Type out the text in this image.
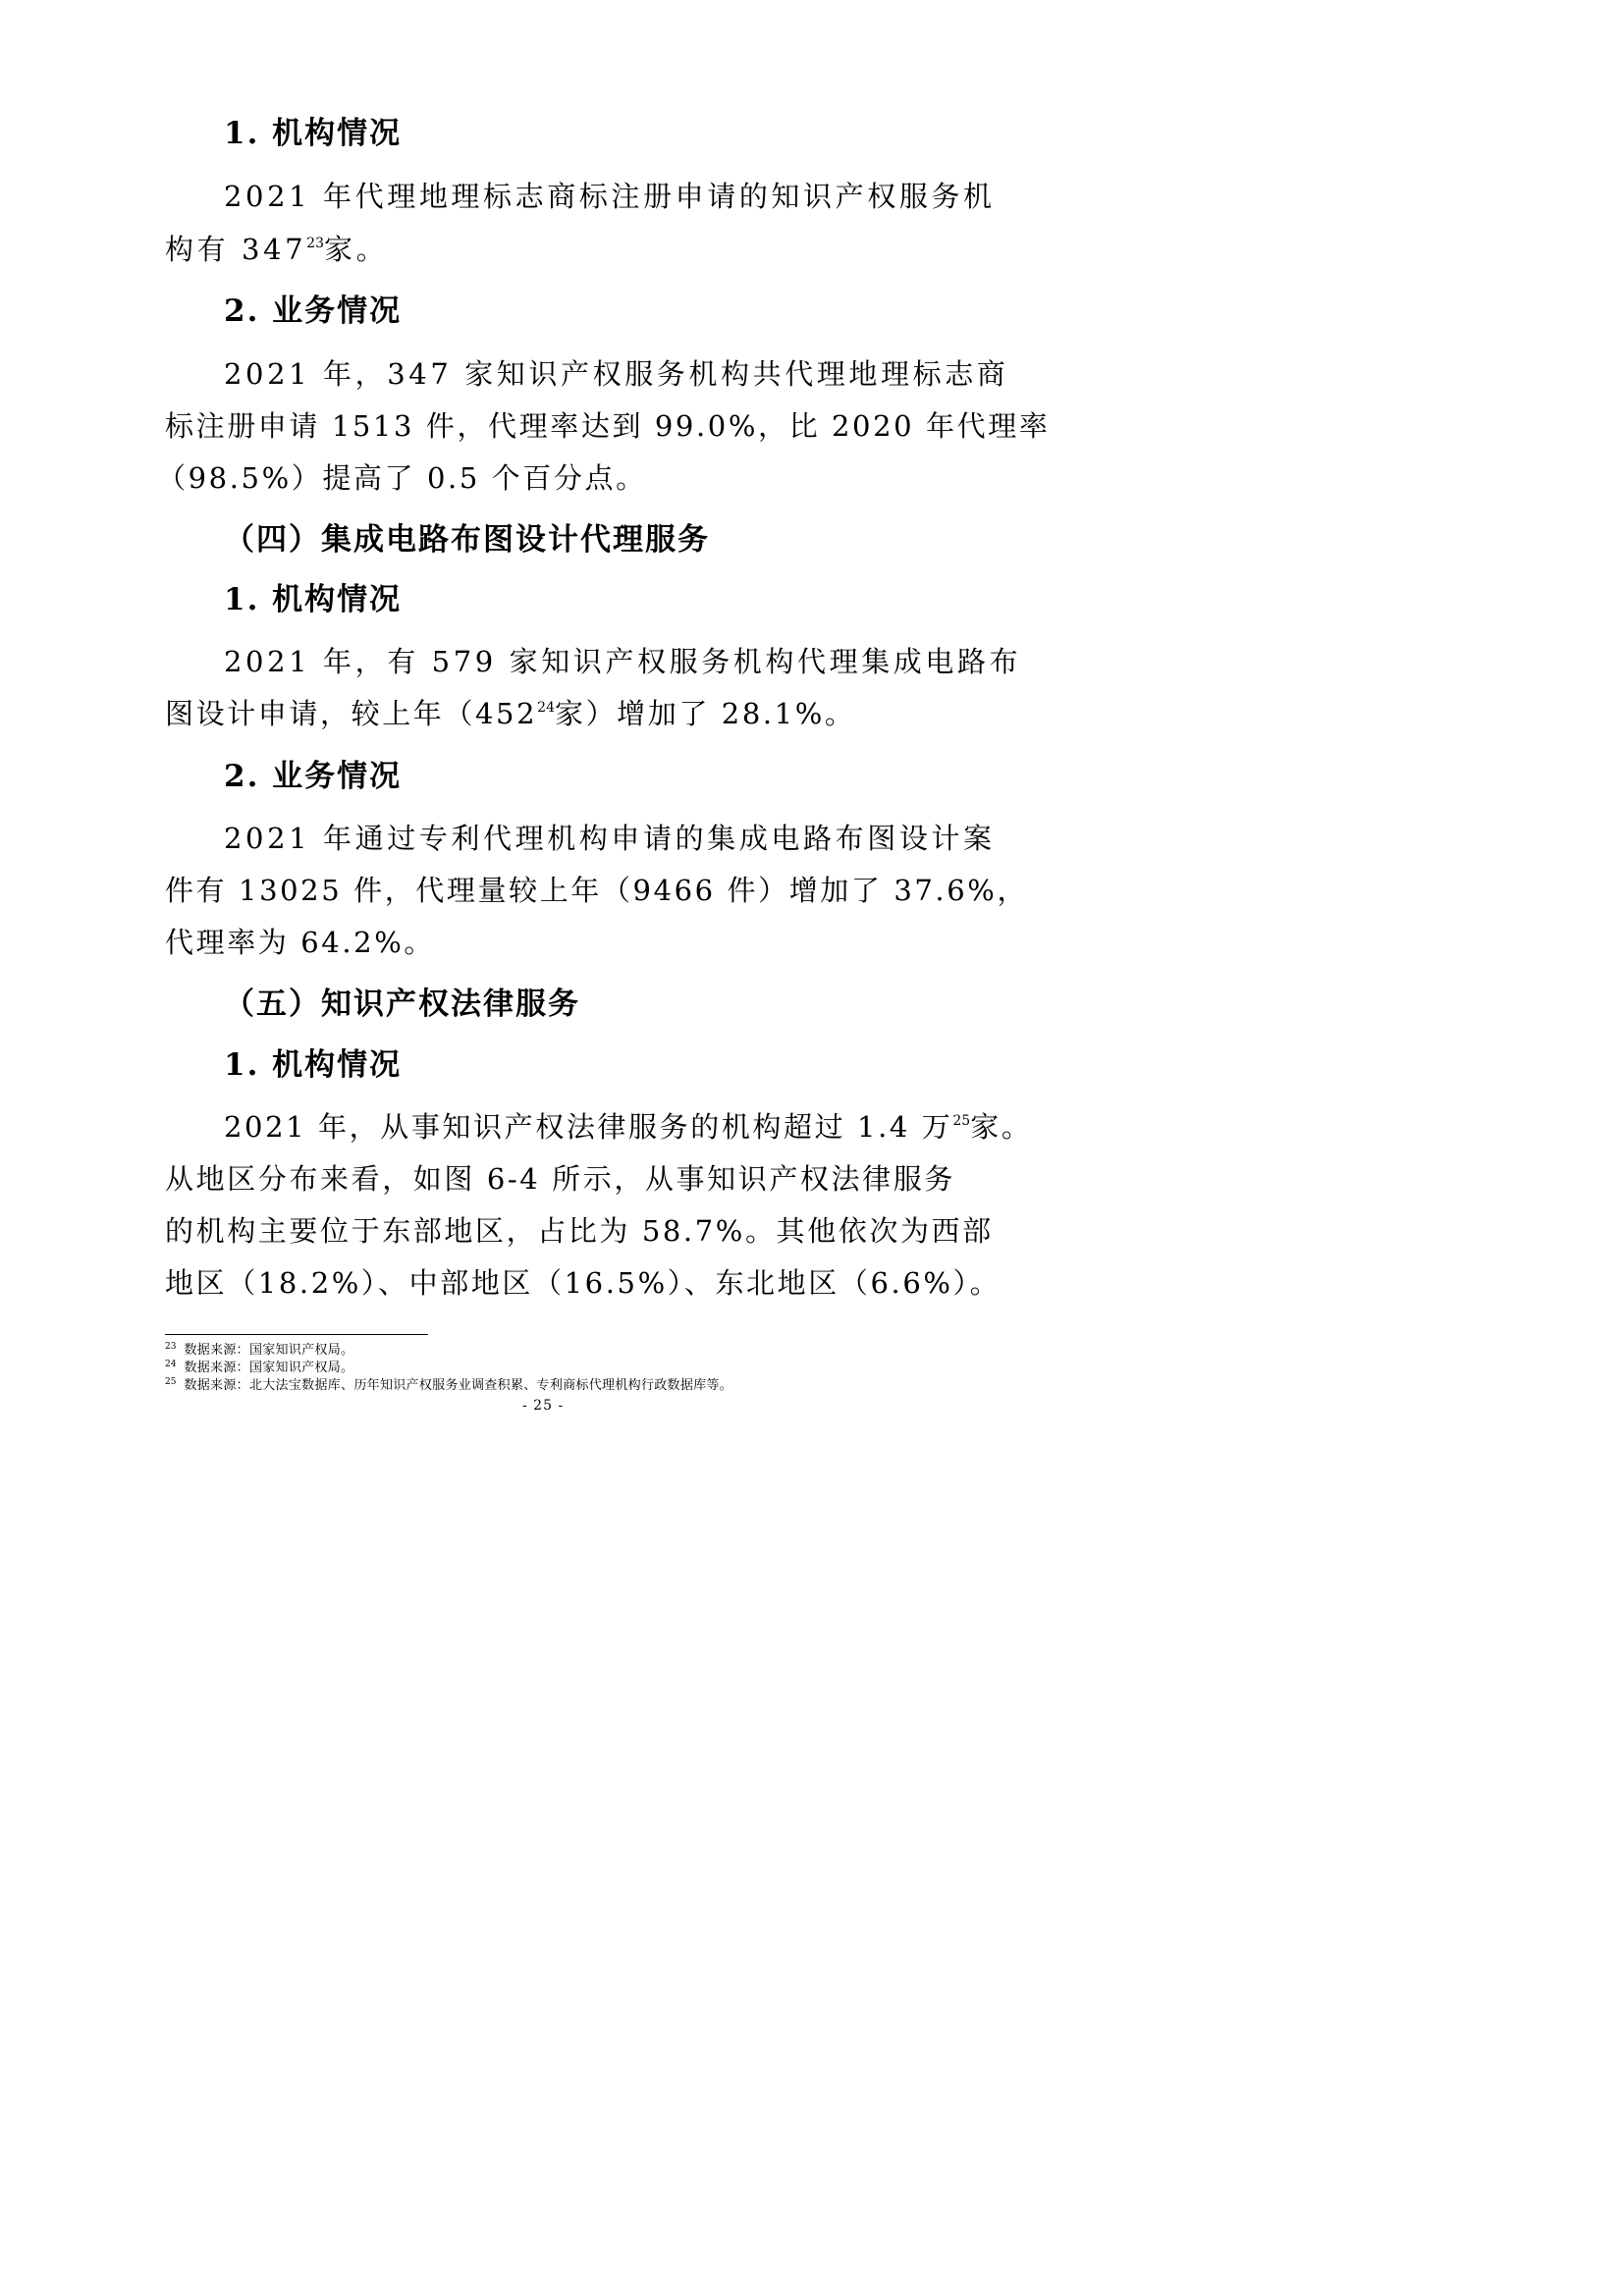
1. 机构情况
2021 年代理地理标志商标注册申请的知识产权服务机
构有 $347^{23}$家。
2. 业务情况
2021 年，347 家知识产权服务机构共代理地理标志商
标注册申请 1513 件，代理率达到 99.0%，比 2020 年代理率
（98.5%）提高了 0.5 个百分点。
（四）集成电路布图设计代理服务
1. 机构情况
2021 年，有 579 家知识产权服务机构代理集成电路布
图设计申请，较上年（$452^{24}$家）增加了 28.1%。
2. 业务情况
2021 年通过专利代理机构申请的集成电路布图设计案
件有 13025 件，代理量较上年（9466 件）增加了 37.6%，
代理率为 64.2%。
（五）知识产权法律服务
1. 机构情况
2021 年，从事知识产权法律服务的机构超过 1.4 万$^{25}$家。
从地区分布来看，如图 6-4 所示，从事知识产权法律服务
的机构主要位于东部地区，占比为 58.7%。其他依次为西部
地区（18.2%）、中部地区（16.5%）、东北地区（6.6%）。
$^{23}$ 数据来源：国家知识产权局。
$^{24}$ 数据来源：国家知识产权局。
$^{25}$ 数据来源：北大法宝数据库、历年知识产权服务业调查积累、专利商标代理机构行政数据库等。
- 25 -
